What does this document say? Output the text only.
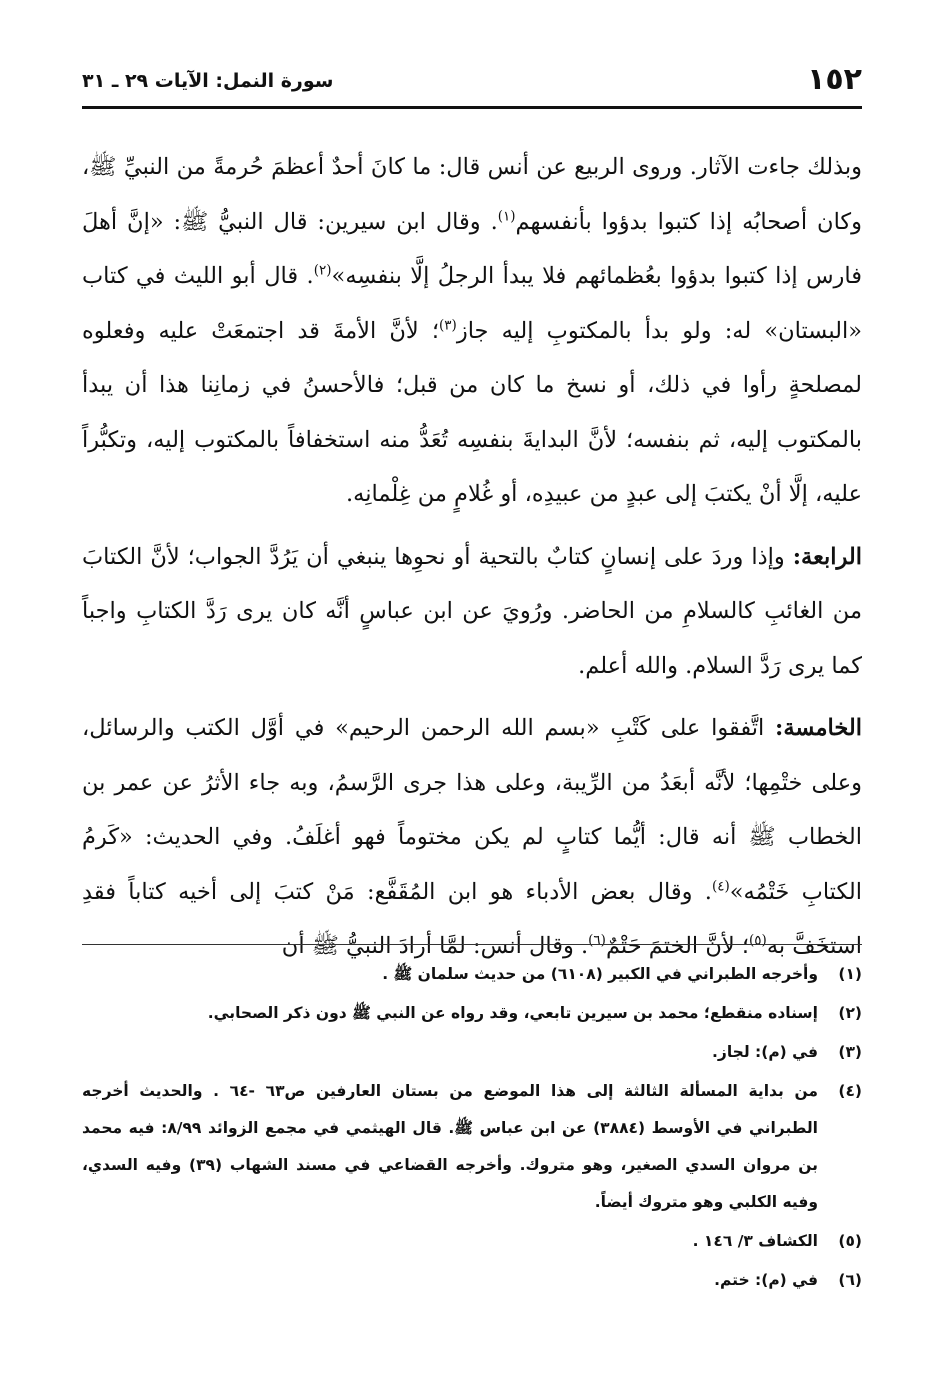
١٥٢
سورة النمل: الآيات ٢٩ ـ ٣١

وبذلك جاءت الآثار. وروى الربيع عن أنس قال: ما كانَ أحدٌ أعظمَ حُرمةً من النبيِّ ﷺ، وكان أصحابُه إذا كتبوا بدؤوا بأنفسهم$^{(١)}$. وقال ابن سيرين: قال النبيُّ ﷺ: «إنَّ أهلَ فارس إذا كتبوا بدؤوا بعُظمائهم فلا يبدأ الرجلُ إلَّا بنفسِه»$^{(٢)}$. قال أبو الليث في كتاب «البستان» له: ولو بدأ بالمكتوبِ إليه جاز$^{(٣)}$؛ لأنَّ الأمةَ قد اجتمعَتْ عليه وفعلوه لمصلحةٍ رأوا في ذلك، أو نسخ ما كان من قبل؛ فالأحسنُ في زمانِنا هذا أن يبدأ بالمكتوب إليه، ثم بنفسه؛ لأنَّ البدايةَ بنفسِه تُعَدُّ منه استخفافاً بالمكتوب إليه، وتكبُّراً عليه، إلَّا أنْ يكتبَ إلى عبدٍ من عبيدِه، أو غُلامٍ من غِلْمانِه.

الرابعة: وإذا وردَ على إنسانٍ كتابٌ بالتحية أو نحوِها ينبغي أن يَرُدَّ الجواب؛ لأنَّ الكتابَ من الغائبِ كالسلامِ من الحاضر. ورُويَ عن ابن عباسٍ أنَّه كان يرى رَدَّ الكتابِ واجباً كما يرى رَدَّ السلام. والله أعلم.

الخامسة: اتَّفقوا على كَتْبِ «بسم الله الرحمن الرحيم» في أوَّل الكتب والرسائل، وعلى ختْمِها؛ لأنَّه أبعَدُ من الرِّيبة، وعلى هذا جرى الرَّسمُ، وبه جاء الأثرُ عن عمر بن الخطاب ﷺ أنه قال: أيُّما كتابٍ لم يكن مختوماً فهو أغلَفُ. وفي الحديث: «كَرمُ الكتابِ خَتْمُه»$^{(٤)}$. وقال بعض الأدباء هو ابن المُقَفَّع: مَنْ كتبَ إلى أخيه كتاباً فقدِ استخَفَّ به$^{(٥)}$؛ لأنَّ الختمَ حَتْمٌ$^{(٦)}$. وقال أنس: لمَّا أرادَ النبيُّ ﷺ أن

(١)
وأخرجه الطبراني في الكبير (٦١٠٨) من حديث سلمان ﷺ .
(٢)
إسناده منقطع؛ محمد بن سيرين تابعي، وقد رواه عن النبي ﷺ دون ذكر الصحابي.
(٣)
في (م): لجاز.
(٤)
من بداية المسألة الثالثة إلى هذا الموضع من بستان العارفين ص٦٣ -٦٤ . والحديث أخرجه الطبراني في الأوسط (٣٨٨٤) عن ابن عباس ﷺ. قال الهيثمي في مجمع الزوائد ٨/٩٩: فيه محمد بن مروان السدي الصغير، وهو متروك. وأخرجه القضاعي في مسند الشهاب (٣٩) وفيه السدي، وفيه الكلبي وهو متروك أيضاً.
(٥)
الكشاف ٣/ ١٤٦ .
(٦)
في (م): ختم.
